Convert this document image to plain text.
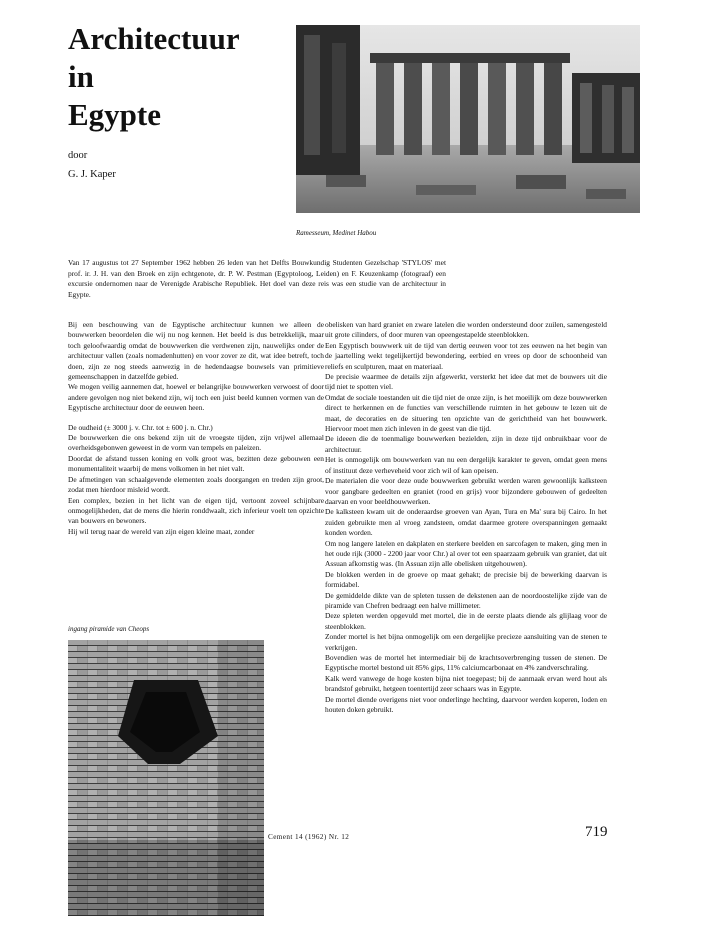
Architectuur
in
Egypte
door
G. J. Kaper
Ramesseum, Medinet Habou
Van 17 augustus tot 27 September 1962 hebben 26 leden van het Delfts Bouwkundig Studenten Gezelschap 'STYLOS' met prof. ir. J. H. van den Broek en zijn echtgenote, dr. P. W. Pestman (Egyptoloog, Leiden) en F. Keuzenkamp (fotograaf) een excursie ondernomen naar de Verenigde Arabische Republiek. Het doel van deze reis was een studie van de architectuur in Egypte.

Bij een beschouwing van de Egyptische architectuur kunnen we alleen de bouwwerken beoordelen die wij nu nog kennen. Het beeld is dus betrekkelijk, maar toch geloofwaardig omdat de bouwwerken die verdwenen zijn, nauwelijks onder de architectuur vallen (zoals nomadenhutten) en voor zover ze dit, wat idee betreft, toch doen, zijn ze nog steeds aanwezig in de hedendaagse bouwsels van primitieve gemeenschappen in datzelfde gebied.

We mogen veilig aannemen dat, hoewel er belangrijke bouwwerken verwoest of door andere gevolgen nog niet bekend zijn, wij toch een juist beeld kunnen vormen van de Egyptische architectuur door de eeuwen heen.

De oudheid (± 3000 j. v. Chr. tot ± 600 j. n. Chr.)

De bouwwerken die ons bekend zijn uit de vroegste tijden, zijn vrijwel allemaal overheidsgebonwen geweest in de vorm van tempels en paleizen.

Doordat de afstand tussen koning en volk groot was, bezitten deze gebouwen een monumentaliteit waarbij de mens volkomen in het niet valt.

De afmetingen van schaalgevende elementen zoals doorgangen en treden zijn groot, zodat men hierdoor misleid wordt.

Een complex, bezien in het licht van de eigen tijd, vertoont zoveel schijnbare onmogelijkheden, dat de mens die hierin ronddwaalt, zich inferieur voelt ten opzichte van bouwers en bewoners.

Hij wil terug naar de wereld van zijn eigen kleine maat, zonder

ingang piramide van Cheops

obelisken van hard graniet en zware latelen die worden ondersteund door zuilen, samengesteld uit grote cilinders, of door muren van opeengestapelde steenblokken.

Een Egyptisch bouwwerk uit de tijd van dertig eeuwen voor tot zes eeuwen na het begin van de jaartelling wekt tegelijkertijd bewondering, eerbied en vrees op door de schoonheid van reliefs en sculpturen, maat en materiaal.

De precisie waarmee de details zijn afgewerkt, versterkt het idee dat met de bouwers uit die tijd niet te spotten viel.

Omdat de sociale toestanden uit die tijd niet de onze zijn, is het moeilijk om deze bouwwerken direct te herkennen en de functies van verschillende ruimten in het gebouw te lezen uit de maat, de decoraties en de situering ten opzichte van de gerichtheid van het bouwwerk. Hiervoor moet men zich inleven in de geest van die tijd.

De ideeen die de toenmalige bouwwerken bezielden, zijn in deze tijd onbruikbaar voor de architectuur.

Het is onmogelijk om bouwwerken van nu een dergelijk karakter te geven, omdat geen mens of instituut deze verheveheid voor zich wil of kan opeisen.

De materialen die voor deze oude bouwwerken gebruikt werden waren gewoonlijk kalksteen voor gangbare gedeelten en graniet (rood en grijs) voor bijzondere gebouwen of gedeelten daarvan en voor beeldhouwwerken.

De kalksteen kwam uit de onderaardse groeven van Ayan, Tura en Ma' sura bij Cairo. In het zuiden gebruikte men al vroeg zandsteen, omdat daarmee grotere overspanningen gemaakt konden worden.

Om nog langere latelen en dakplaten en sterkere beelden en sarcofagen te maken, ging men in het oude rijk (3000 - 2200 jaar voor Chr.) al over tot een spaarzaam gebruik van graniet, dat uit Assuan afkomstig was. (In Assuan zijn alle obelisken uitgehouwen).

De blokken werden in de groeve op maat gehakt; de precisie bij de bewerking daarvan is formidabel.

De gemiddelde dikte van de spleten tussen de dekstenen aan de noordoostelijke zijde van de piramide van Chefren bedraagt een halve millimeter.

Deze spleten werden opgevuld met mortel, die in de eerste plaats diende als glijlaag voor de steenblokken.

Zonder mortel is het bijna onmogelijk om een dergelijke precieze aansluiting van de stenen te verkrijgen.

Bovendien was de mortel het intermediair bij de krachtsoverbrenging tussen de stenen. De Egyptische mortel bestond uit 85% gips, 11% calciumcarbonaat en 4% zandverschraling.

Kalk werd vanwege de hoge kosten bijna niet toegepast; bij de aanmaak ervan werd hout als brandstof gebruikt, hetgeen toentertijd zeer schaars was in Egypte.

De mortel diende overigens niet voor onderlinge hechting, daarvoor werden koperen, loden en houten doken gebruikt.

Cement 14 (1962) Nr. 12	719
